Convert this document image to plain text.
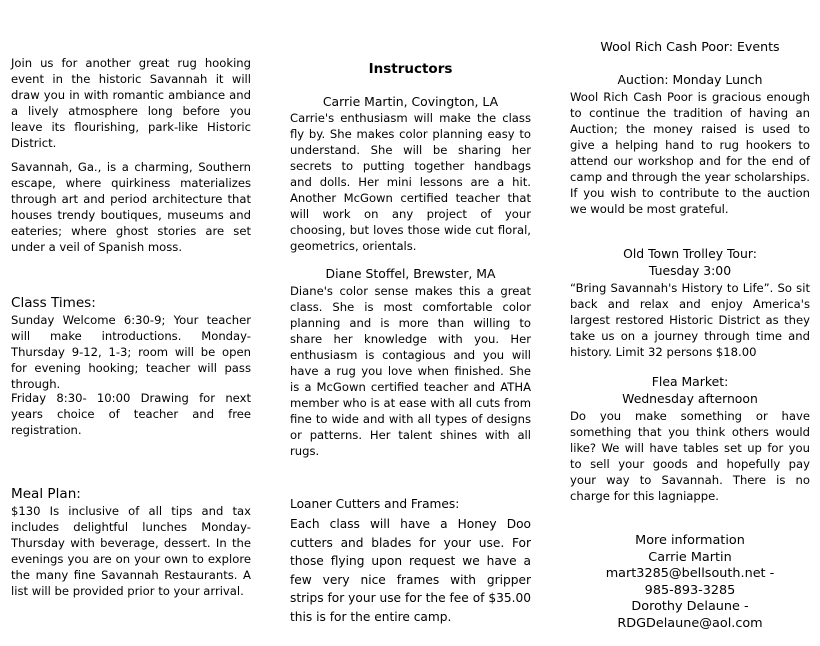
Join us for another great rug hooking event in the historic Savannah it will draw you in with romantic ambiance and a lively atmosphere long before you leave its flourishing, park-like Historic District.

Savannah, Ga., is a charming, Southern escape, where quirkiness materializes through art and period architecture that houses trendy boutiques, museums and eateries; where ghost stories are set under a veil of Spanish moss.

Class Times:

Sunday Welcome 6:30-9; Your teacher will make introductions. Monday-Thursday 9-12, 1-3; room will be open for evening hooking; teacher will pass through.

Friday 8:30- 10:00 Drawing for next years choice of teacher and free registration.

Meal Plan:

$130 Is inclusive of all tips and tax includes delightful lunches Monday-Thursday with beverage, dessert. In the evenings you are on your own to explore the many fine Savannah Restaurants. A list will be provided prior to your arrival.

Instructors
Carrie Martin, Covington, LA

Carrie's enthusiasm will make the class fly by. She makes color planning easy to understand. She will be sharing her secrets to putting together handbags and dolls. Her mini lessons are a hit. Another McGown certified teacher that will work on any project of your choosing, but loves those wide cut floral, geometrics, orientals.

Diane Stoffel, Brewster, MA

Diane's color sense makes this a great class. She is most comfortable color planning and is more than willing to share her knowledge with you. Her enthusiasm is contagious and you will have a rug you love when finished. She is a McGown certified teacher and ATHA member who is at ease with all cuts from fine to wide and with all types of designs or patterns. Her talent shines with all rugs.

Loaner Cutters and Frames:

Each class will have a Honey Doo cutters and blades for your use. For those flying upon request we have a few very nice frames with gripper strips for your use for the fee of $35.00 this is for the entire camp.

Wool Rich Cash Poor: Events
Auction: Monday Lunch

Wool Rich Cash Poor is gracious enough to continue the tradition of having an Auction; the money raised is used to give a helping hand to rug hookers to attend our workshop and for the end of camp and through the year scholarships. If you wish to contribute to the auction we would be most grateful.

Old Town Trolley Tour:

Tuesday 3:00

“Bring Savannah's History to Life”. So sit back and relax and enjoy America's largest restored Historic District as they take us on a journey through time and history. Limit 32 persons $18.00

Flea Market:

Wednesday afternoon

Do you make something or have something that you think others would like? We will have tables set up for you to sell your goods and hopefully pay your way to Savannah. There is no charge for this lagniappe.

More information
Carrie Martin
mart3285@bellsouth.net -
985-893-3285
Dorothy Delaune -
RDGDelaune@aol.com
